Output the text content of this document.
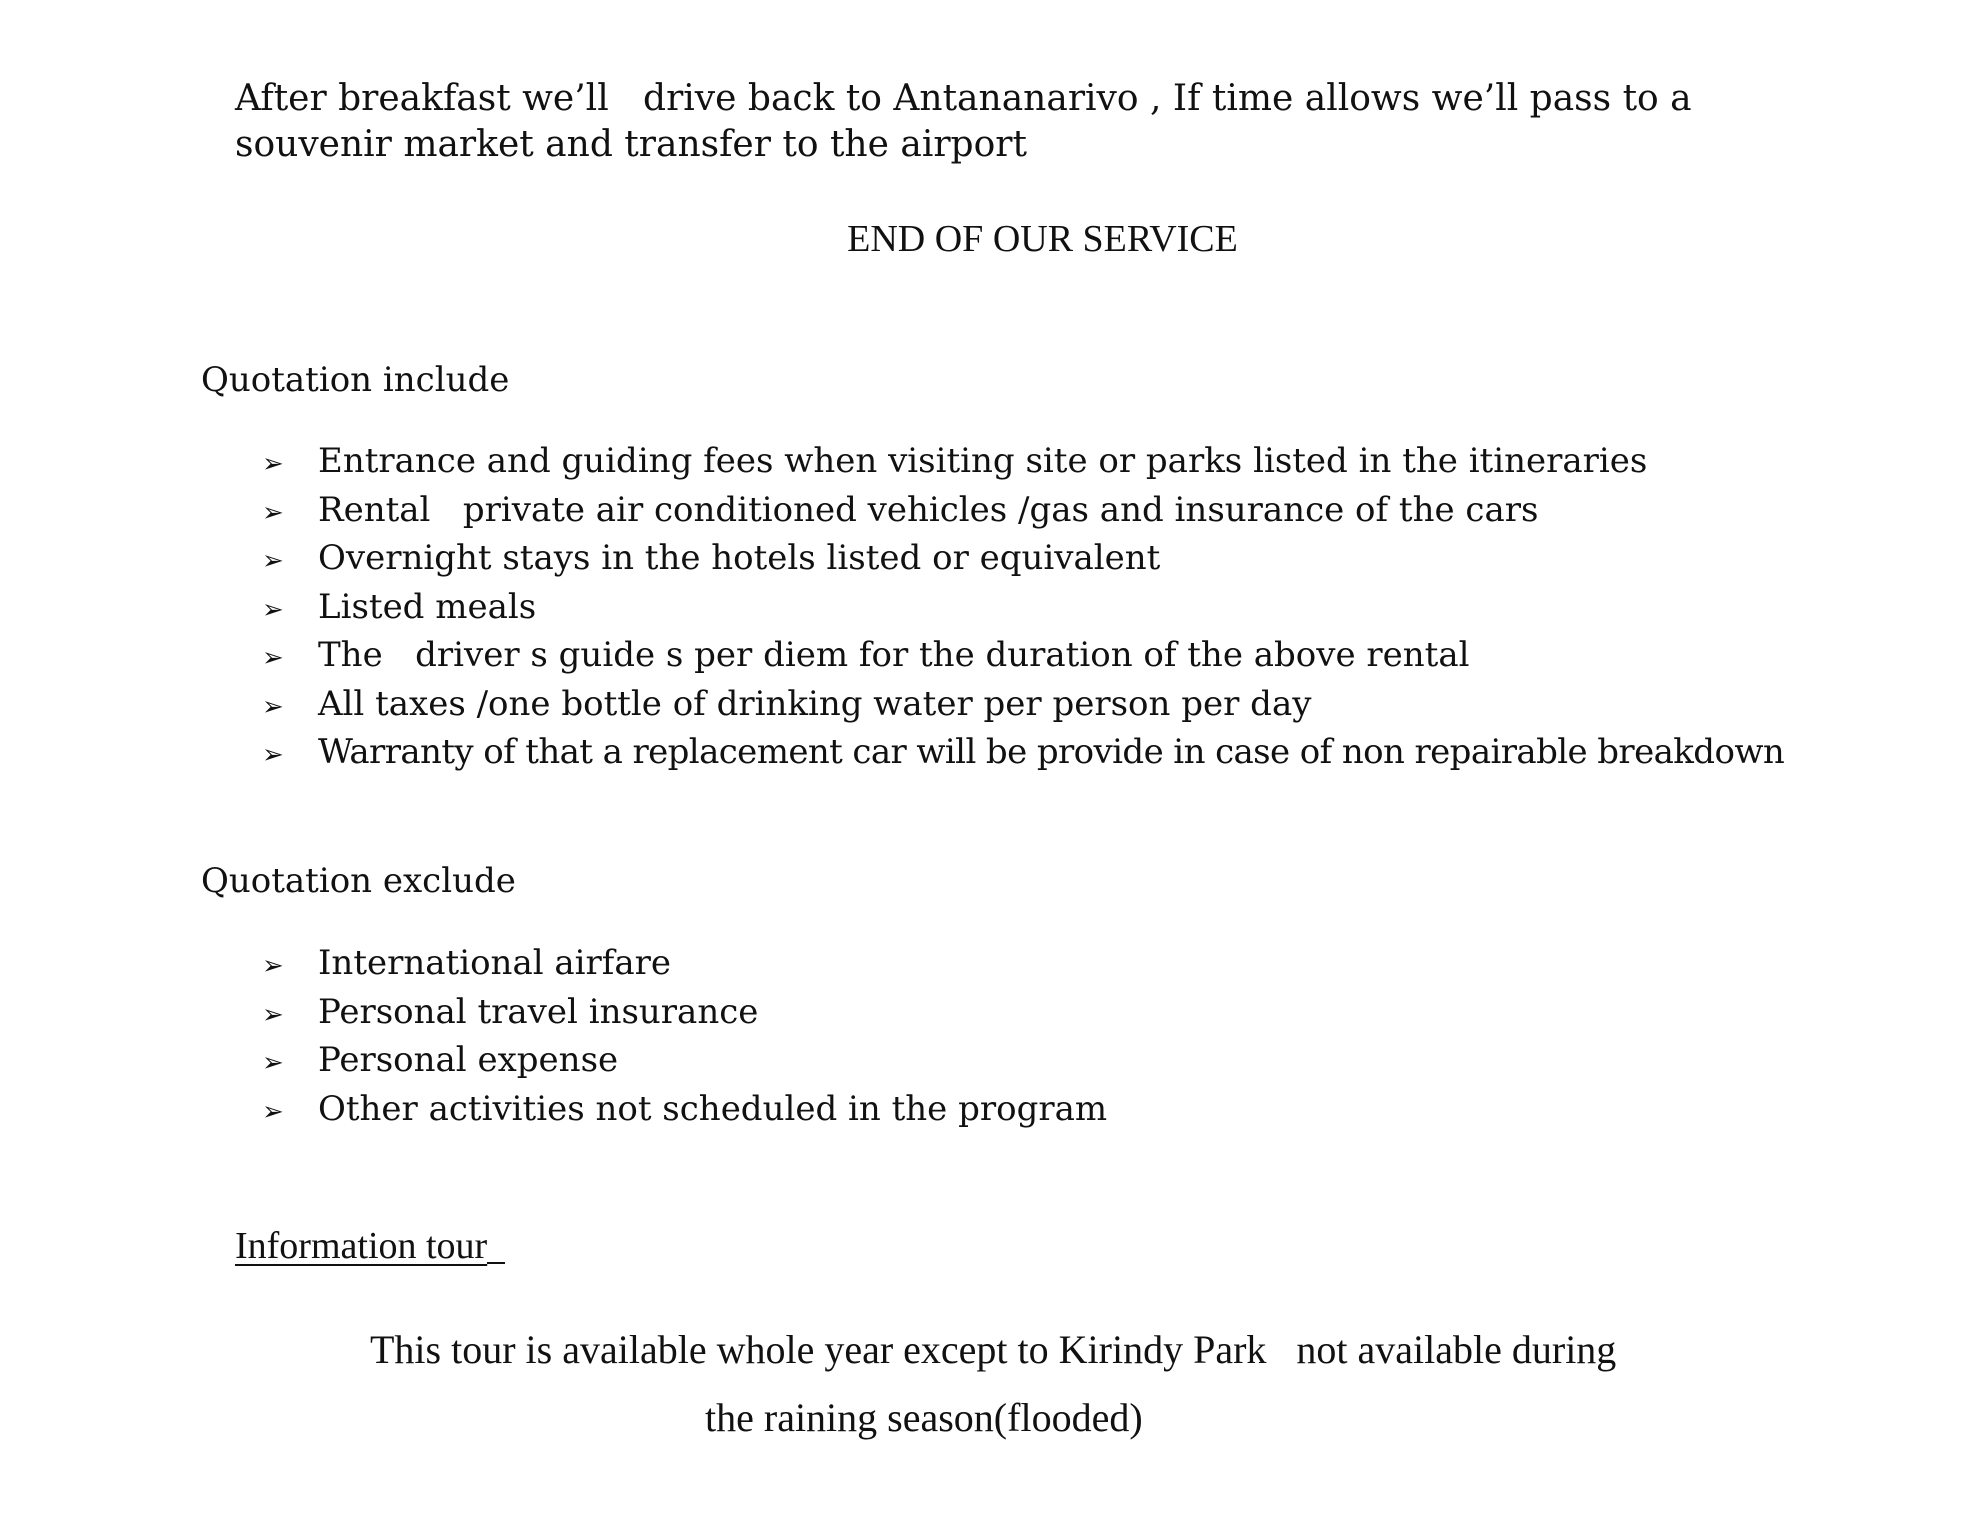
After breakfast we’ll   drive back to Antananarivo , If time allows we’ll pass to a
souvenir market and transfer to the airport
END OF OUR SERVICE
Quotation include
➢	Entrance and guiding fees when visiting site or parks listed in the itineraries
➢	Rental   private air conditioned vehicles /gas and insurance of the cars
➢	Overnight stays in the hotels listed or equivalent
➢	Listed meals
➢	The   driver s guide s per diem for the duration of the above rental
➢	All taxes /one bottle of drinking water per person per day
➢	Warranty of that a replacement car will be provide in case of non repairable breakdown
Quotation exclude
➢	International airfare
➢	Personal travel insurance
➢	Personal expense
➢	Other activities not scheduled in the program
Information tour
This tour is available whole year except to Kirindy Park   not available during
the raining season(flooded)
